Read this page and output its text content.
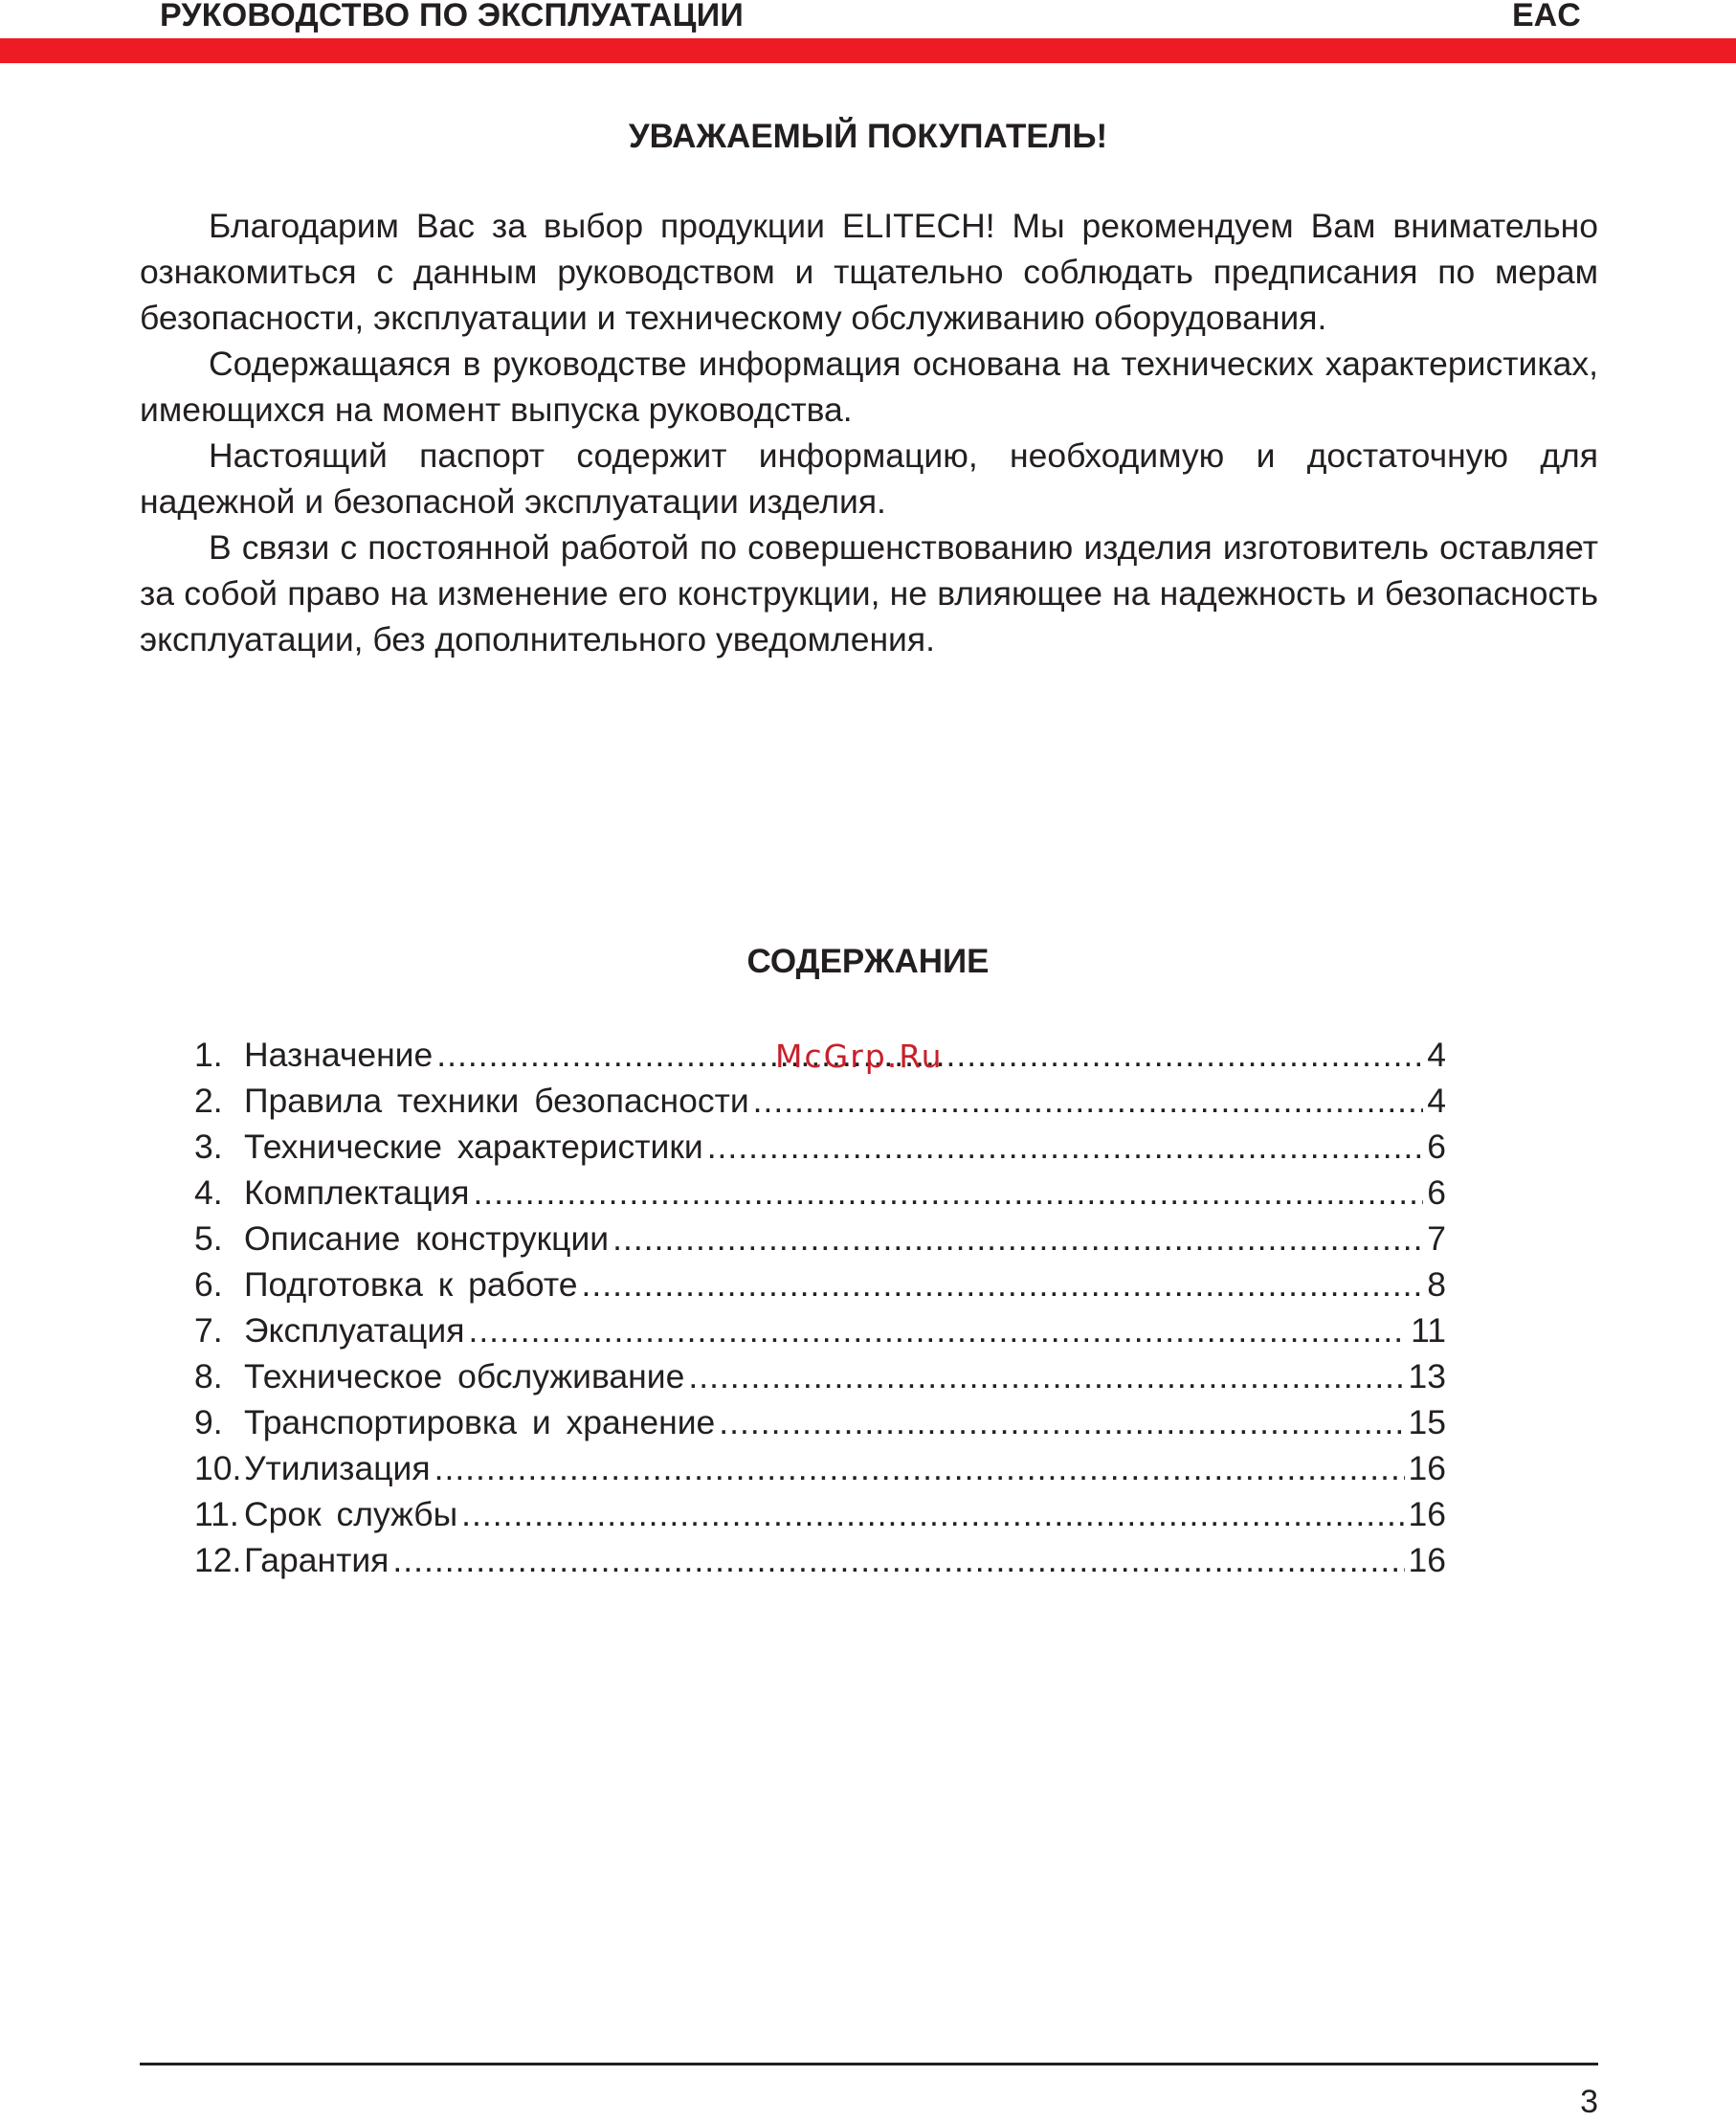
РУКОВОДСТВО ПО ЭКСПЛУАТАЦИИ	EAC
УВАЖАЕМЫЙ ПОКУПАТЕЛЬ!

Благодарим Вас за выбор продукции ELITECH! Мы рекомендуем Вам внимательно ознакомиться с данным руководством и тщательно соблюдать предписания по мерам безопасности, эксплуатации и техническому обслуживанию оборудования.

Содержащаяся в руководстве информация основана на технических характеристиках, имеющихся на момент выпуска руководства.

Настоящий паспорт содержит информацию, необходимую и достаточную для надежной и безопасной эксплуатации изделия.

В связи с постоянной работой по совершенствованию изделия изготовитель оставляет за собой право на изменение его конструкции, не влияющее на надежность и безопасность эксплуатации, без дополнительного уведомления.

СОДЕРЖАНИЕ
1. Назначение .....	4
2. Правила техники безопасности .....	4
3. Технические характеристики .....	6
4. Комплектация .....	6
5. Описание конструкции .....	7
6. Подготовка к работе .....	8
7. Эксплуатация .....	11
8. Техническое обслуживание .....	13
9. Транспортировка и хранение .....	15
10. Утилизация .....	16
11. Срок службы .....	16
12. Гарантия .....	16
McGrp.Ru
3
